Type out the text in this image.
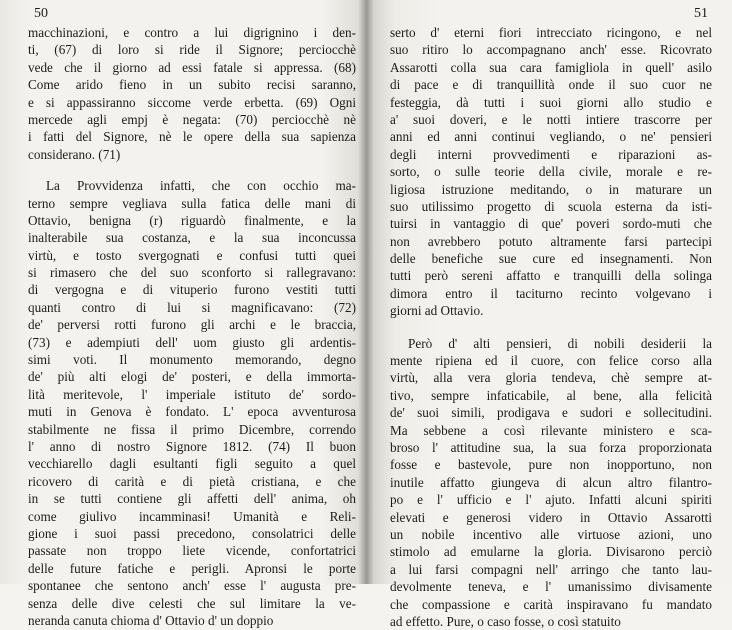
50
macchinazioni, e contro a lui digrignino i den-
ti, (67) di loro si ride il Signore; perciocchè
vede che il giorno ad essi fatale si appressa. (68)
Come arido fieno in un subito recisi saranno,
e si appassiranno siccome verde erbetta. (69) Ogni
mercede agli empj è negata: (70) perciocchè nè
i fatti del Signore, nè le opere della sua sapienza
considerano. (71)
La Provvidenza infatti, che con occhio ma-
terno sempre vegliava sulla fatica delle mani di
Ottavio, benigna (r) riguardò finalmente, e la
inalterabile sua costanza, e la sua inconcussa
virtù, e tosto svergognati e confusi tutti quei
si rimasero che del suo sconforto si rallegravano:
di vergogna e di vituperio furono vestiti tutti
quanti contro di lui si magnificavano: (72)
de' perversi rotti furono gli archi e le braccia,
(73) e adempiuti dell' uom giusto gli ardentis-
simi voti. Il monumento memorando, degno
de' più alti elogi de' posteri, e della immorta-
lità meritevole, l' imperiale istituto de' sordo-
muti in Genova è fondato. L' epoca avventurosa
stabilmente ne fissa il primo Dicembre, correndo
l' anno di nostro Signore 1812. (74) Il buon
vecchiarello dagli esultanti figli seguito a quel
ricovero di carità e di pietà cristiana, e che
in se tutti contiene gli affetti dell' anima, oh
come giulivo incamminasi! Umanità e Reli-
gione i suoi passi precedono, consolatrici delle
passate non troppo liete vicende, confortatrici
delle future fatiche e perigli. Apronsi le porte
spontanee che sentono anch' esse l' augusta pre-
senza delle dive celesti che sul limitare la ve-
neranda canuta chioma d' Ottavio d' un doppio
51
serto d' eterni fiori intrecciato ricingono, e nel
suo ritiro lo accompagnano anch' esse. Ricovrato
Assarotti colla sua cara famigliola in quell' asilo
di pace e di tranquillità onde il suo cuor ne
festeggia, dà tutti i suoi giorni allo studio e
a' suoi doveri, e le notti intiere trascorre per
anni ed anni continui vegliando, o ne' pensieri
degli interni provvedimenti e riparazioni as-
sorto, o sulle teorie della civile, morale e re-
ligiosa istruzione meditando, o in maturare un
suo utilissimo progetto di scuola esterna da isti-
tuirsi in vantaggio di que' poveri sordo-muti che
non avrebbero potuto altramente farsi partecipi
delle benefiche sue cure ed insegnamenti. Non
tutti però sereni affatto e tranquilli della solinga
dimora entro il taciturno recinto volgevano i
giorni ad Ottavio.
Però d' alti pensieri, di nobili desiderii la
mente ripiena ed il cuore, con felice corso alla
virtù, alla vera gloria tendeva, chè sempre at-
tivo, sempre infaticabile, al bene, alla felicità
de' suoi simili, prodigava e sudori e sollecitudini.
Ma sebbene a così rilevante ministero e sca-
broso l' attitudine sua, la sua forza proporzionata
fosse e bastevole, pure non inopportuno, non
inutile affatto giungeva di alcun altro filantro-
po e l' ufficio e l' ajuto. Infatti alcuni spiriti
elevati e generosi videro in Ottavio Assarotti
un nobile incentivo alle virtuose azioni, uno
stimolo ad emularne la gloria. Divisarono perciò
a lui farsi compagni nell' arringo che tanto lau-
devolmente teneva, e l' umanissimo divisamente
che compassione e carità inspiravano fu mandato
ad effetto. Pure, o caso fosse, o così statuito
